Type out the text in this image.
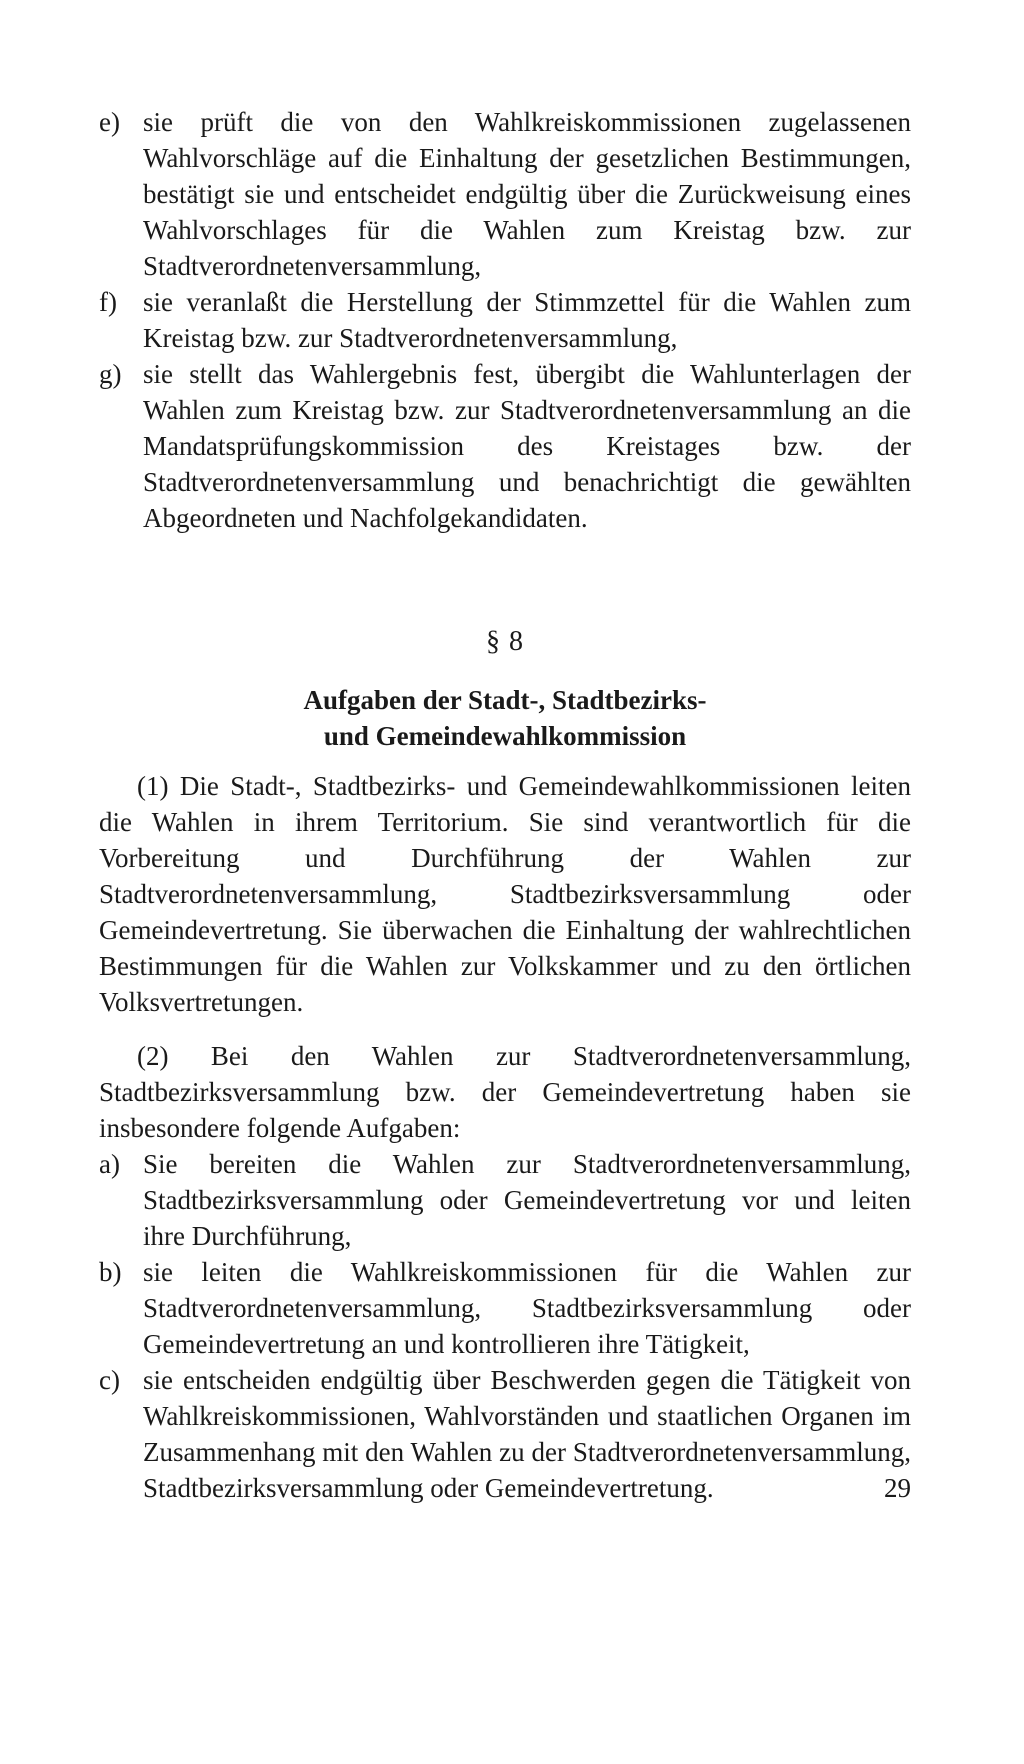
e) sie prüft die von den Wahlkreiskommissionen zugelassenen Wahlvorschläge auf die Einhaltung der gesetzlichen Bestimmungen, bestätigt sie und entscheidet endgültig über die Zurückweisung eines Wahlvorschlages für die Wahlen zum Kreistag bzw. zur Stadtverordnetenversammlung,

f) sie veranlaßt die Herstellung der Stimmzettel für die Wahlen zum Kreistag bzw. zur Stadtverordnetenversammlung,

g) sie stellt das Wahlergebnis fest, übergibt die Wahlunterlagen der Wahlen zum Kreistag bzw. zur Stadtverordnetenversammlung an die Mandatsprüfungskommission des Kreistages bzw. der Stadtverordnetenversammlung und benachrichtigt die gewählten Abgeordneten und Nachfolgekandidaten.

§ 8
Aufgaben der Stadt-, Stadtbezirks-
und Gemeindewahlkommission

(1) Die Stadt-, Stadtbezirks- und Gemeindewahlkommissionen leiten die Wahlen in ihrem Territorium. Sie sind verantwortlich für die Vorbereitung und Durchführung der Wahlen zur Stadtverordnetenversammlung, Stadtbezirksversammlung oder Gemeindevertretung. Sie überwachen die Einhaltung der wahlrechtlichen Bestimmungen für die Wahlen zur Volkskammer und zu den örtlichen Volksvertretungen.

(2) Bei den Wahlen zur Stadtverordnetenversammlung, Stadtbezirksversammlung bzw. der Gemeindevertretung haben sie insbesondere folgende Aufgaben:

a) Sie bereiten die Wahlen zur Stadtverordnetenversammlung, Stadtbezirksversammlung oder Gemeindevertretung vor und leiten ihre Durchführung,

b) sie leiten die Wahlkreiskommissionen für die Wahlen zur Stadtverordnetenversammlung, Stadtbezirksversammlung oder Gemeindevertretung an und kontrollieren ihre Tätigkeit,

c) sie entscheiden endgültig über Beschwerden gegen die Tätigkeit von Wahlkreiskommissionen, Wahlvorständen und staatlichen Organen im Zusammenhang mit den Wahlen zu der Stadtverordnetenversammlung, Stadtbezirksversammlung oder Gemeindevertretung.	29
